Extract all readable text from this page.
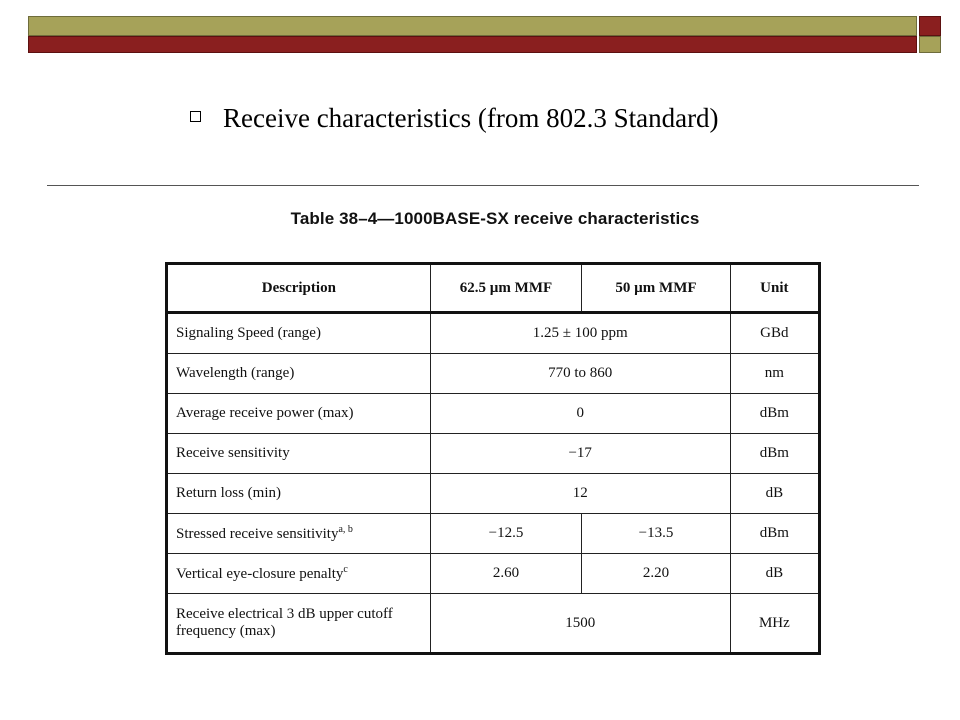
Receive characteristics (from 802.3 Standard)
Table 38–4—1000BASE-SX receive characteristics
Description	62.5 µm MMF	50 µm MMF	Unit
Signaling Speed (range)	1.25 ± 100 ppm		GBd
Wavelength (range)	770 to 860		nm
Average receive power (max)	0		dBm
Receive sensitivity	−17		dBm
Return loss (min)	12		dB
Stressed receive sensitivity$^{a, b}$	−12.5	−13.5	dBm
Vertical eye-closure penalty$^c$	2.60	2.20	dB
Receive electrical 3 dB upper cutoff frequency (max)	1500		MHz
